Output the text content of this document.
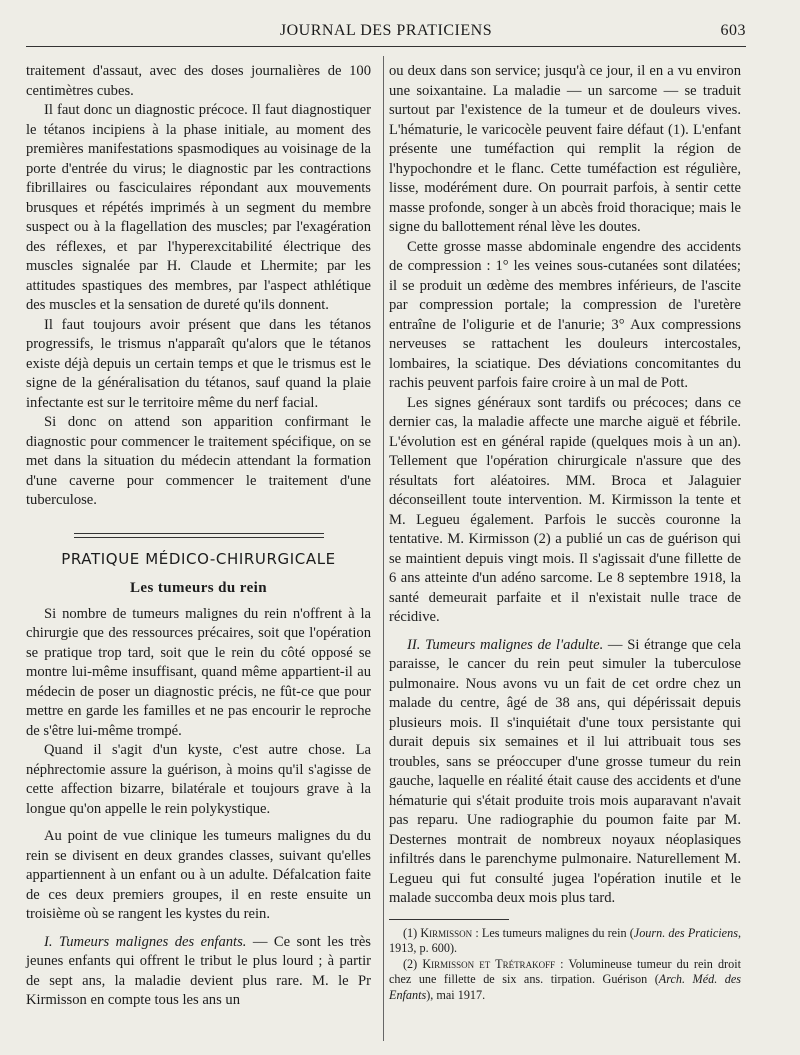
JOURNAL DES PRATICIENS	603

traitement d'assaut, avec des doses journalières de 100 centimètres cubes.

Il faut donc un diagnostic précoce. Il faut diagnostiquer le tétanos incipiens à la phase initiale, au moment des premières manifestations spasmodiques au voisinage de la porte d'entrée du virus; le diagnostic par les contractions fibrillaires ou fasciculaires répondant aux mouvements brusques et répétés imprimés à un segment du membre suspect ou à la flagellation des muscles; par l'exagération des réflexes, et par l'hyperexcitabilité électrique des muscles signalée par H. Claude et Lhermite; par les attitudes spastiques des membres, par l'aspect athlétique des muscles et la sensation de dureté qu'ils donnent.

Il faut toujours avoir présent que dans les tétanos progressifs, le trismus n'apparaît qu'alors que le tétanos existe déjà depuis un certain temps et que le trismus est le signe de la généralisation du tétanos, sauf quand la plaie infectante est sur le territoire même du nerf facial.

Si donc on attend son apparition confirmant le diagnostic pour commencer le traitement spécifique, on se met dans la situation du médecin attendant la formation d'une caverne pour commencer le traitement d'une tuberculose.

PRATIQUE MÉDICO-CHIRURGICALE
Les tumeurs du rein

Si nombre de tumeurs malignes du rein n'offrent à la chirurgie que des ressources précaires, soit que l'opération se pratique trop tard, soit que le rein du côté opposé se montre lui-même insuffisant, quand même appartient-il au médecin de poser un diagnostic précis, ne fût-ce que pour mettre en garde les familles et ne pas encourir le reproche de s'être lui-même trompé.

Quand il s'agit d'un kyste, c'est autre chose. La néphrectomie assure la guérison, à moins qu'il s'agisse de cette affection bizarre, bilatérale et toujours grave à la longue qu'on appelle le rein polykystique.

Au point de vue clinique les tumeurs malignes du du rein se divisent en deux grandes classes, suivant qu'elles appartiennent à un enfant ou à un adulte. Défalcation faite de ces deux premiers groupes, il en reste ensuite un troisième où se rangent les kystes du rein.

I. Tumeurs malignes des enfants. — Ce sont les très jeunes enfants qui offrent le tribut le plus lourd ; à partir de sept ans, la maladie devient plus rare. M. le Pr Kirmisson en compte tous les ans un

ou deux dans son service; jusqu'à ce jour, il en a vu environ une soixantaine. La maladie — un sarcome — se traduit surtout par l'existence de la tumeur et de douleurs vives. L'hématurie, le varicocèle peuvent faire défaut (1). L'enfant présente une tuméfaction qui remplit la région de l'hypochondre et le flanc. Cette tuméfaction est régulière, lisse, modérément dure. On pourrait parfois, à sentir cette masse profonde, songer à un abcès froid thoracique; mais le signe du ballottement rénal lève les doutes.

Cette grosse masse abdominale engendre des accidents de compression : 1° les veines sous-cutanées sont dilatées; il se produit un œdème des membres inférieurs, de l'ascite par compression portale; la compression de l'uretère entraîne de l'oligurie et de l'anurie; 3° Aux compressions nerveuses se rattachent les douleurs intercostales, lombaires, la sciatique. Des déviations concomitantes du rachis peuvent parfois faire croire à un mal de Pott.

Les signes généraux sont tardifs ou précoces; dans ce dernier cas, la maladie affecte une marche aiguë et fébrile. L'évolution est en général rapide (quelques mois à un an). Tellement que l'opération chirurgicale n'assure que des résultats fort aléatoires. MM. Broca et Jalaguier déconseillent toute intervention. M. Kirmisson la tente et M. Legueu également. Parfois le succès couronne la tentative. M. Kirmisson (2) a publié un cas de guérison qui se maintient depuis vingt mois. Il s'agissait d'une fillette de 6 ans atteinte d'un adéno sarcome. Le 8 septembre 1918, la santé demeurait parfaite et il n'existait nulle trace de récidive.

II. Tumeurs malignes de l'adulte. — Si étrange que cela paraisse, le cancer du rein peut simuler la tuberculose pulmonaire. Nous avons vu un fait de cet ordre chez un malade du centre, âgé de 38 ans, qui dépérissait depuis plusieurs mois. Il s'inquiétait d'une toux persistante qui durait depuis six semaines et il lui attribuait tous ses troubles, sans se préoccuper d'une grosse tumeur du rein gauche, laquelle en réalité était cause des accidents et d'une hématurie qui s'était produite trois mois auparavant n'avait pas reparu. Une radiographie du poumon faite par M. Desternes montrait de nombreux noyaux néoplasiques infiltrés dans le parenchyme pulmonaire. Naturellement M. Legueu qui fut consulté jugea l'opération inutile et le malade succomba deux mois plus tard.

(1) Kirmisson : Les tumeurs malignes du rein (Journ. des Praticiens, 1913, p. 600).

(2) Kirmisson et Trétrakoff : Volumineuse tumeur du rein droit chez une fillette de six ans. tirpation. Guérison (Arch. Méd. des Enfants), mai 1917.
